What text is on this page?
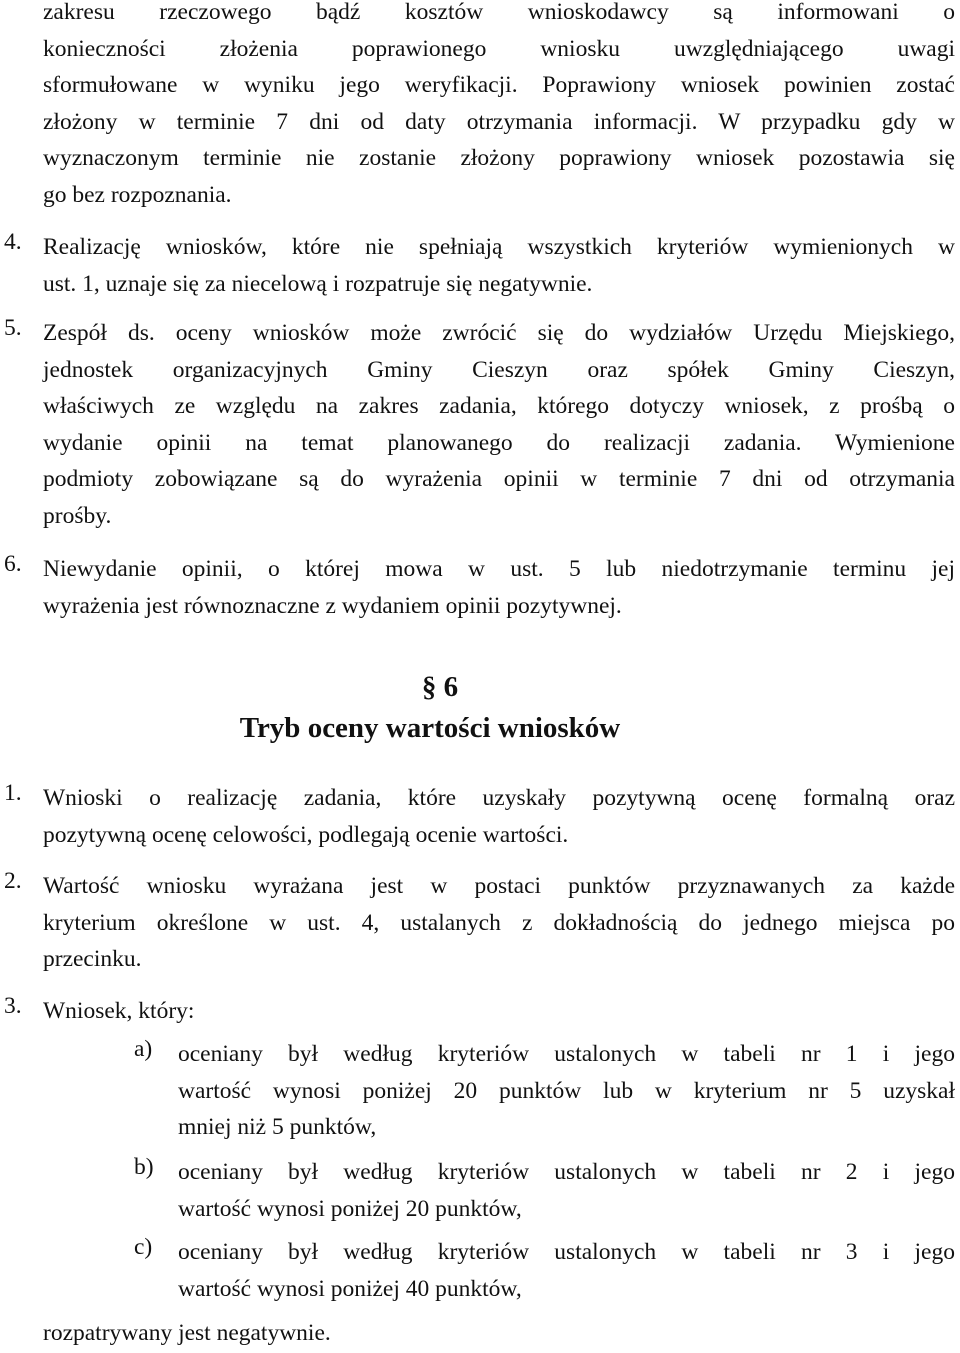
zakresu rzeczowego bądź kosztów wnioskodawcy są informowani o
konieczności złożenia poprawionego wniosku uwzględniającego uwagi
sformułowane w wyniku jego weryfikacji. Poprawiony wniosek powinien zostać
złożony w terminie 7 dni od daty otrzymania informacji. W przypadku gdy w
wyznaczonym terminie nie zostanie złożony poprawiony wniosek pozostawia się
go bez rozpoznania.
4. Realizację wniosków, które nie spełniają wszystkich kryteriów wymienionych w
ust. 1, uznaje się za niecelową i rozpatruje się negatywnie.
5. Zespół ds. oceny wniosków może zwrócić się do wydziałów Urzędu Miejskiego,
jednostek organizacyjnych Gminy Cieszyn oraz spółek Gminy Cieszyn,
właściwych ze względu na zakres zadania, którego dotyczy wniosek, z prośbą o
wydanie opinii na temat planowanego do realizacji zadania. Wymienione
podmioty zobowiązane są do wyrażenia opinii w terminie 7 dni od otrzymania
prośby.
6. Niewydanie opinii, o której mowa w ust. 5 lub niedotrzymanie terminu jej
wyrażenia jest równoznaczne z wydaniem opinii pozytywnej.
§ 6
Tryb oceny wartości wniosków
1. Wnioski o realizację zadania, które uzyskały pozytywną ocenę formalną oraz
pozytywną ocenę celowości, podlegają ocenie wartości.
2. Wartość wniosku wyrażana jest w postaci punktów przyznawanych za każde
kryterium określone w ust. 4, ustalanych z dokładnością do jednego miejsca po
przecinku.
3. Wniosek, który:
a)	oceniany był według kryteriów ustalonych w tabeli nr 1 i jego
wartość wynosi poniżej 20 punktów lub w kryterium nr 5 uzyskał
mniej niż 5 punktów,
b)	oceniany był według kryteriów ustalonych w tabeli nr 2 i jego
wartość wynosi poniżej 20 punktów,
c)	oceniany był według kryteriów ustalonych w tabeli nr 3 i jego
wartość wynosi poniżej 40 punktów,
rozpatrywany jest negatywnie.
